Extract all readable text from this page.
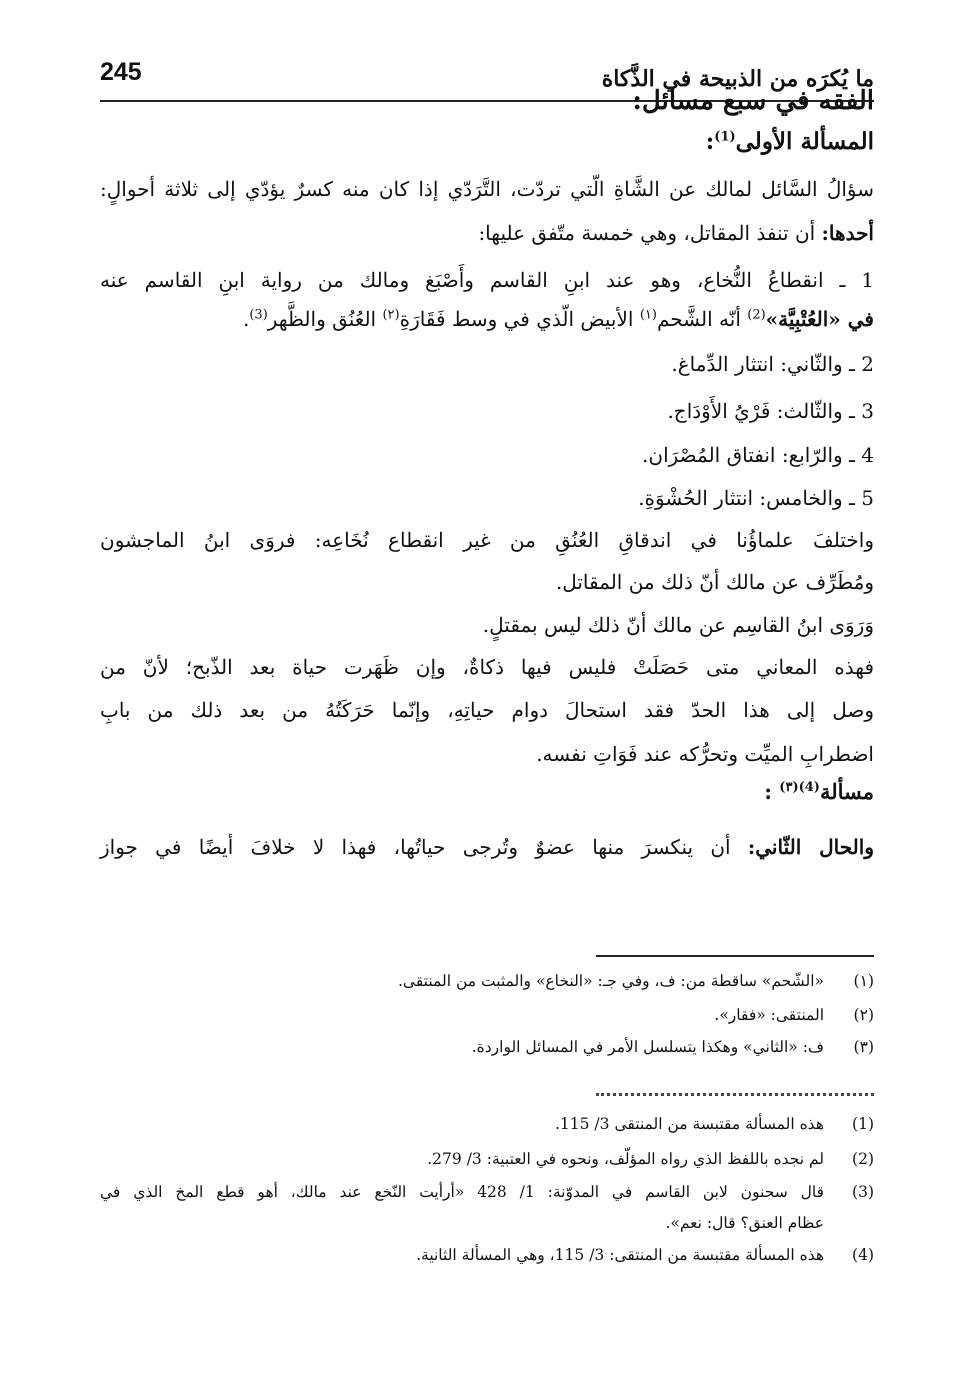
245	ما يُكرَه من الذبيحة في الذَّكاة
الفقه في سبع مسائل:
المسألة الأولى$^{(1)}$:
سؤالُ السَّائل لمالك عن الشَّاةِ الّتي تردّت، التَّرَدّي إذا كان منه كسرٌ يؤدّي إلى ثلاثة أحوالٍ:
أحدها: أن تنفذ المقاتل، وهي خمسة متّفق عليها:
1 ـ انقطاعُ النُّخاع، وهو عند ابنِ القاسم وأَصْبَغ ومالك من رواية ابنِ القاسم عنه
في «العُتْبِيَّة»$^{(2)}$ أنّه الشَّحم$^{(١)}$ الأبيض الّذي في وسط فَقَارَةِ$^{(٢)}$ العُنُق والظَّهر$^{(3)}$.
2 ـ والثّاني: انتثار الدِّماغ.
3 ـ والثّالث: فَرْيُ الأَوْدَاج.
4 ـ والرّابع: انفتاق المُصْرَان.
5 ـ والخامس: انتثار الحُشْوَةِ.
واختلفَ علماؤُنا في اندقاقِ العُنُقِ من غير انقطاع نُخَاعِه: فروَى ابنُ الماجشون
ومُطَرِّف عن مالك أنّ ذلك من المقاتل.
وَرَوَى ابنُ القاسِم عن مالك أنّ ذلك ليس بمقتلٍ.
فهذه المعاني متى حَصَلَتْ فليس فيها ذكاةٌ، وإن ظَهَرت حياة بعد الذّبح؛ لأنّ من
وصل إلى هذا الحدّ فقد استحالَ دوام حياتِهِ، وإنّما حَرَكَتُهُ من بعد ذلك من بابِ
اضطرابِ الميِّت وتحرُّكه عند فَوَاتِ نفسه.
مسألة$^{(4)(٣)}$ :
والحال الثّاني: أن ينكسرَ منها عضوٌ وتُرجى حياتُها، فهذا لا خلافَ أيضًا في جواز
(١)
«الشّحم» ساقطة من: ف، وفي جـ: «النخاع» والمثبت من المنتقى.
(٢)
المنتقى: «فقار».
(٣)
ف: «الثاني» وهكذا يتسلسل الأمر في المسائل الواردة.
(1)
هذه المسألة مقتبسة من المنتقى 3/ 115.
(2)
لم نجده باللفظ الذي رواه المؤلّف، ونحوه في العتبية: 3/ 279.
(3)
قال سحنون لابن القاسم في المدوّنة: 1/ 428 «أرأيت النّخع عند مالك، أهو قطع المخ الذي في
عظام العنق؟ قال: نعم».
(4)
هذه المسألة مقتبسة من المنتقى: 3/ 115، وهي المسألة الثانية.
